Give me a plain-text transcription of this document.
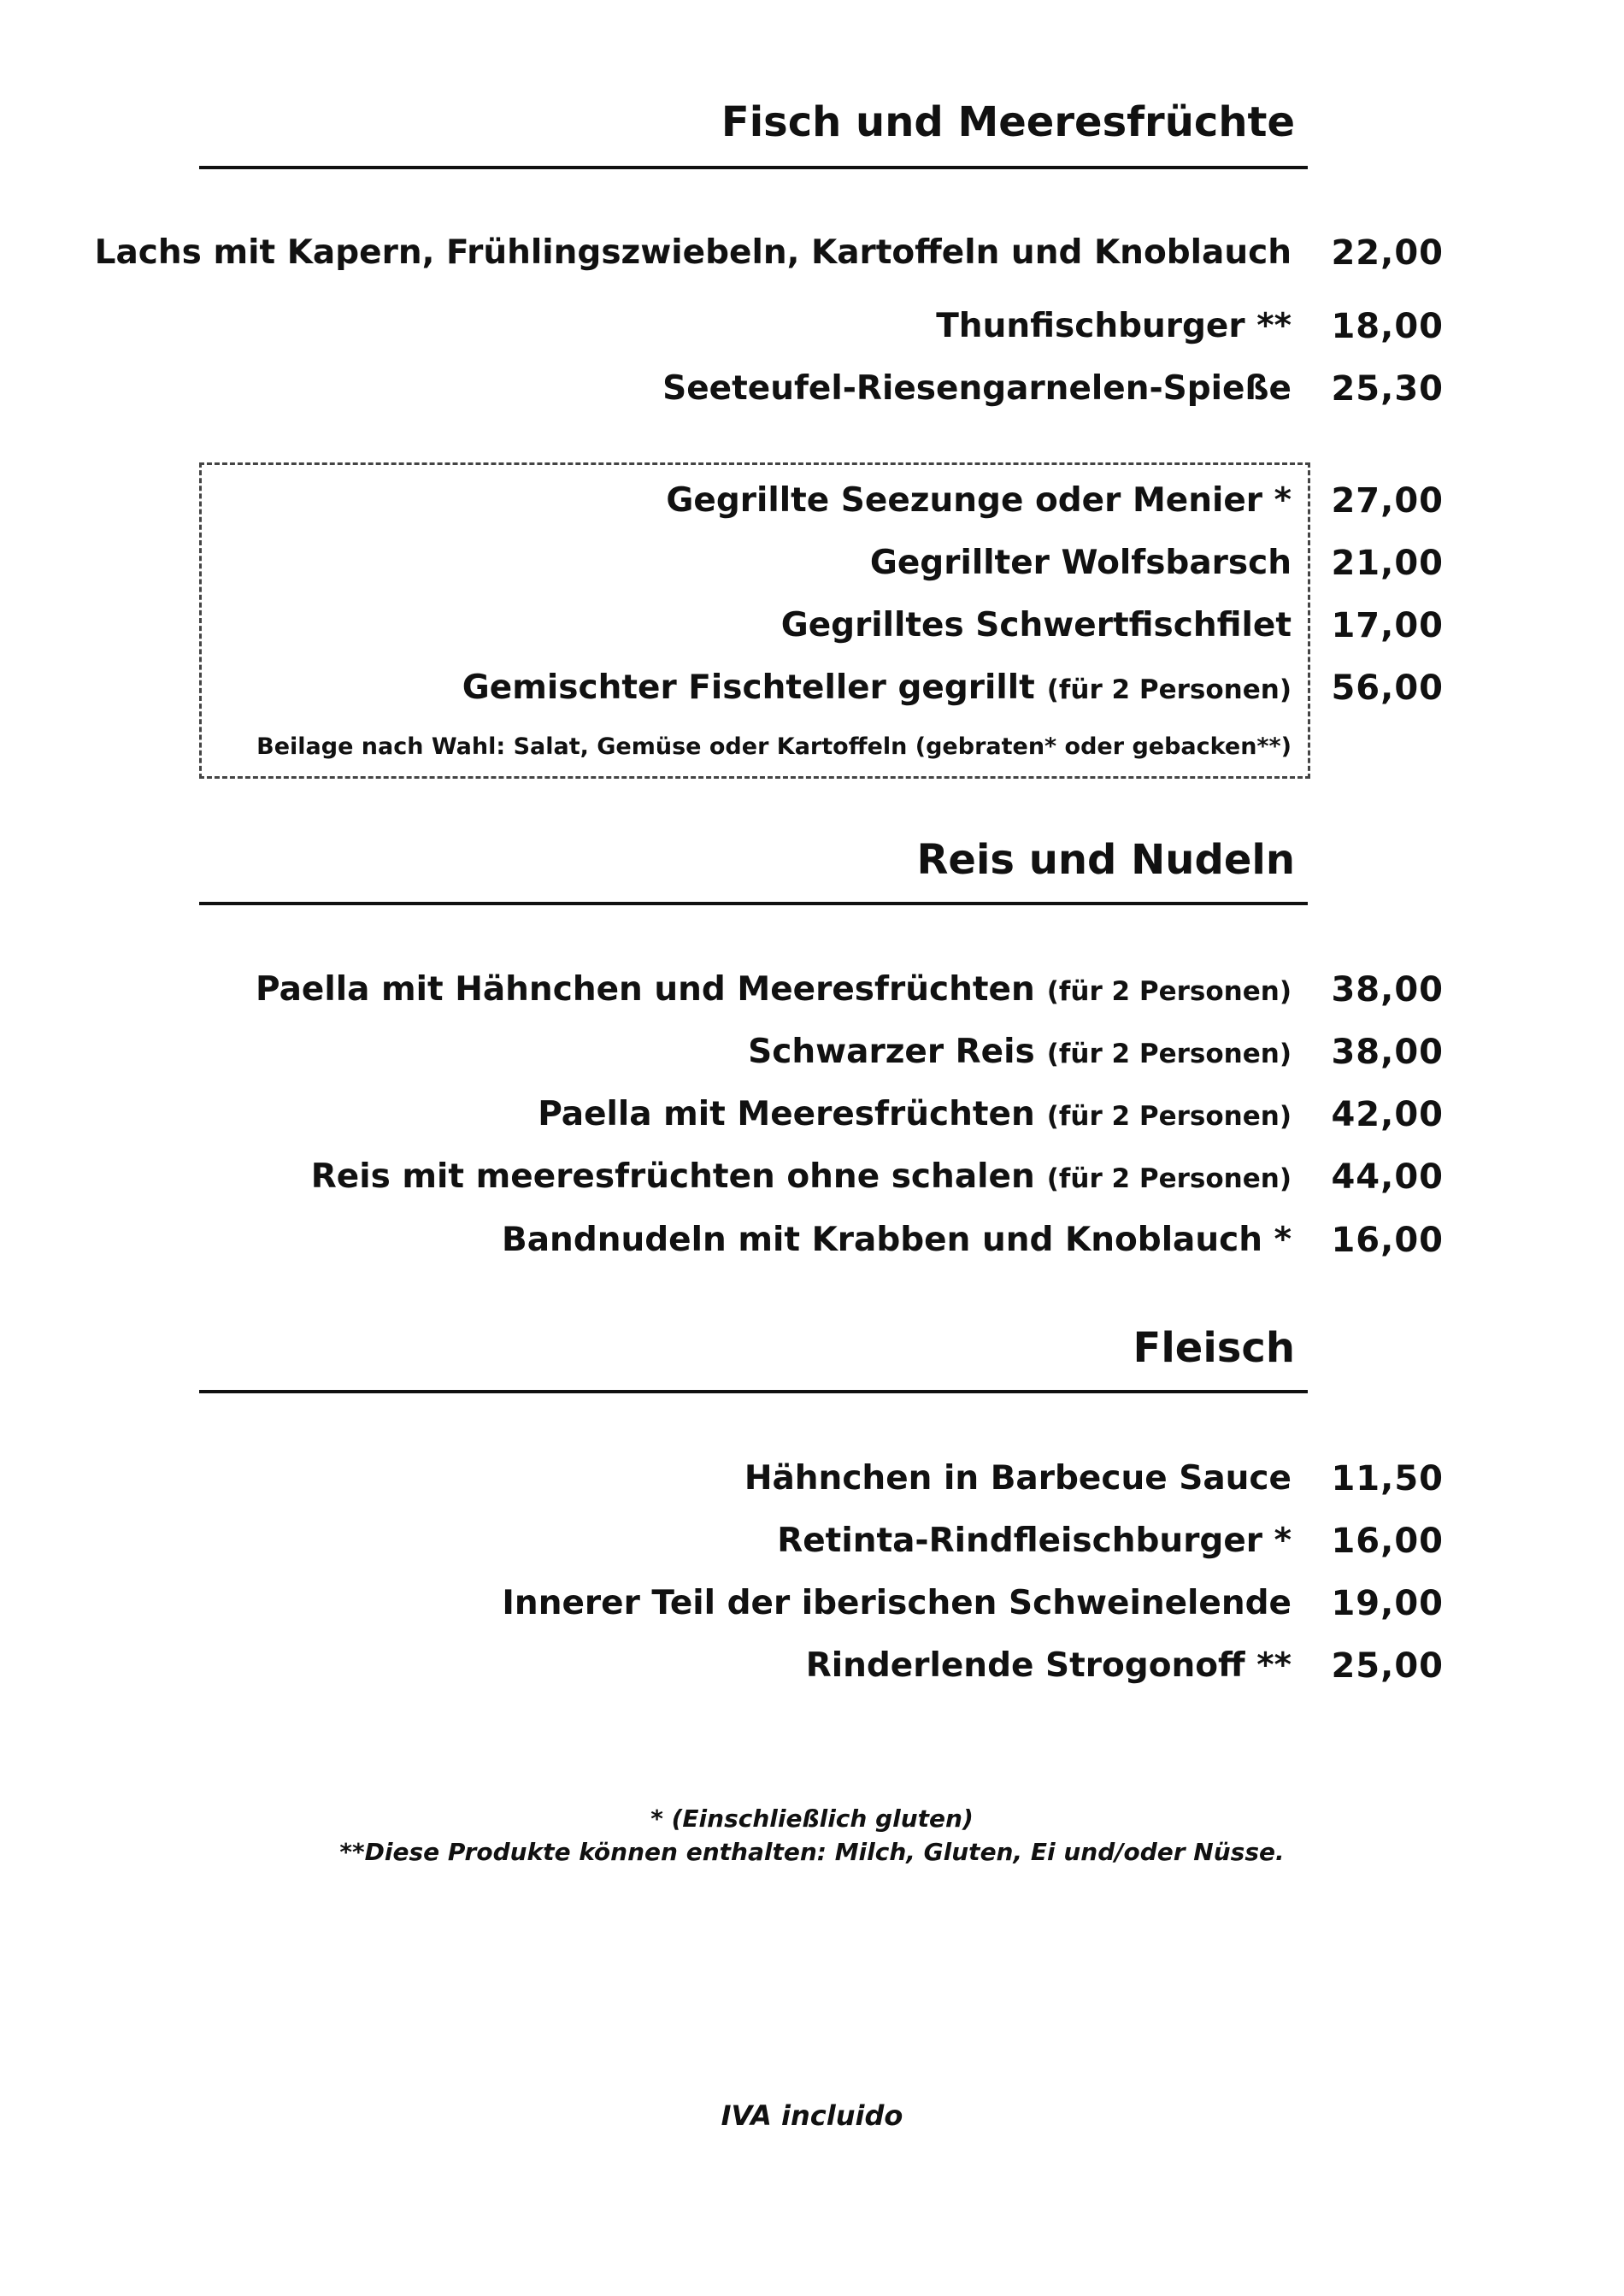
Fisch und Meeresfrüchte
Lachs mit Kapern, Frühlingszwiebeln, Kartoffeln und Knoblauch 22,00
Thunfischburger ** 18,00
Seeteufel-Riesengarnelen-Spieße 25,30
Gegrillte Seezunge oder Menier * 27,00
Gegrillter Wolfsbarsch 21,00
Gegrilltes Schwertfischfilet 17,00
Gemischter Fischteller gegrillt (für 2 Personen) 56,00
Beilage nach Wahl: Salat, Gemüse oder Kartoffeln (gebraten* oder gebacken**)
Reis und Nudeln
Paella mit Hähnchen und Meeresfrüchten (für 2 Personen) 38,00
Schwarzer Reis (für 2 Personen) 38,00
Paella mit Meeresfrüchten (für 2 Personen) 42,00
Reis mit meeresfrüchten ohne schalen (für 2 Personen) 44,00
Bandnudeln mit Krabben und Knoblauch * 16,00
Fleisch
Hähnchen in Barbecue Sauce 11,50
Retinta-Rindfleischburger * 16,00
Innerer Teil der iberischen Schweinelende 19,00
Rinderlende Strogonoff ** 25,00
* (Einschließlich gluten)
**Diese Produkte können enthalten: Milch, Gluten, Ei und/oder Nüsse.
IVA incluido
